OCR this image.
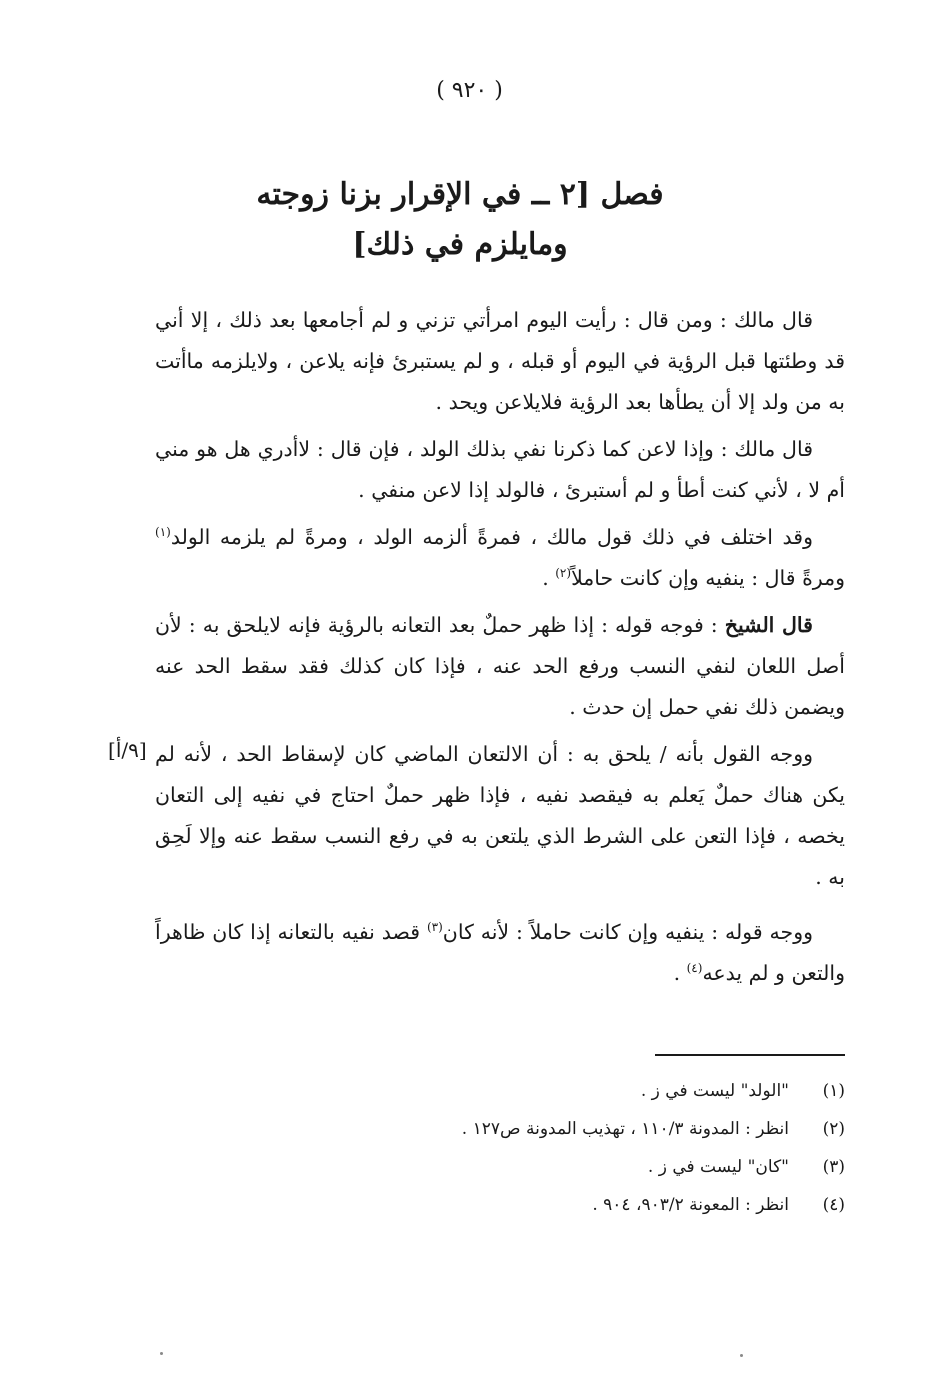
( ٩٢٠ )
فصل [٢ ــ في الإقرار بزنا زوجته
ومايلزم في ذلك]

قال مالك : ومن قال : رأيت اليوم امرأتي تزني و لم أجامعها بعد ذلك ، إلا أني قد وطئتها قبل الرؤية في اليوم أو قبله ، و لم يستبرئ فإنه يلاعن ، ولايلزمه ماأتت به من ولد إلا أن يطأها بعد الرؤية فلايلاعن ويحد .

قال مالك : وإذا لاعن كما ذكرنا نفي بذلك الولد ، فإن قال : لاأدري هل هو مني أم لا ، لأني كنت أطأ و لم أستبرئ ، فالولد إذا لاعن منفي .

وقد اختلف في ذلك قول مالك ، فمرةً ألزمه الولد ، ومرةً لم يلزمه الولد$^{(١)}$ ومرةً قال : ينفيه وإن كانت حاملاً$^{(٢)}$ .

قال الشيخ : فوجه قوله : إذا ظهر حملٌ بعد التعانه بالرؤية فإنه لايلحق به : لأن أصل اللعان لنفي النسب ورفع الحد عنه ، فإذا كان كذلك فقد سقط الحد عنه ويضمن ذلك نفي حمل إن حدث .

ووجه القول بأنه / يلحق به : أن الالتعان الماضي كان لإسقاط الحد ، لأنه لم يكن هناك حملٌ يَعلم به فيقصد نفيه ، فإذا ظهر حملٌ احتاج في نفيه إلى التعان يخصه ، فإذا التعن على الشرط الذي يلتعن به في رفع النسب سقط عنه وإلا لَحِق به .

ووجه قوله : ينفيه وإن كانت حاملاً : لأنه كان$^{(٣)}$ قصد نفيه بالتعانه إذا كان ظاهراً والتعن و لم يدعه$^{(٤)}$ .

[٩/أ]
(١)
"الولد" ليست في ز .
(٢)
انظر : المدونة ١١٠/٣ ، تهذيب المدونة ص١٢٧ .
(٣)
"كان" ليست في ز .
(٤)
انظر : المعونة ٩٠٣/٢، ٩٠٤ .
